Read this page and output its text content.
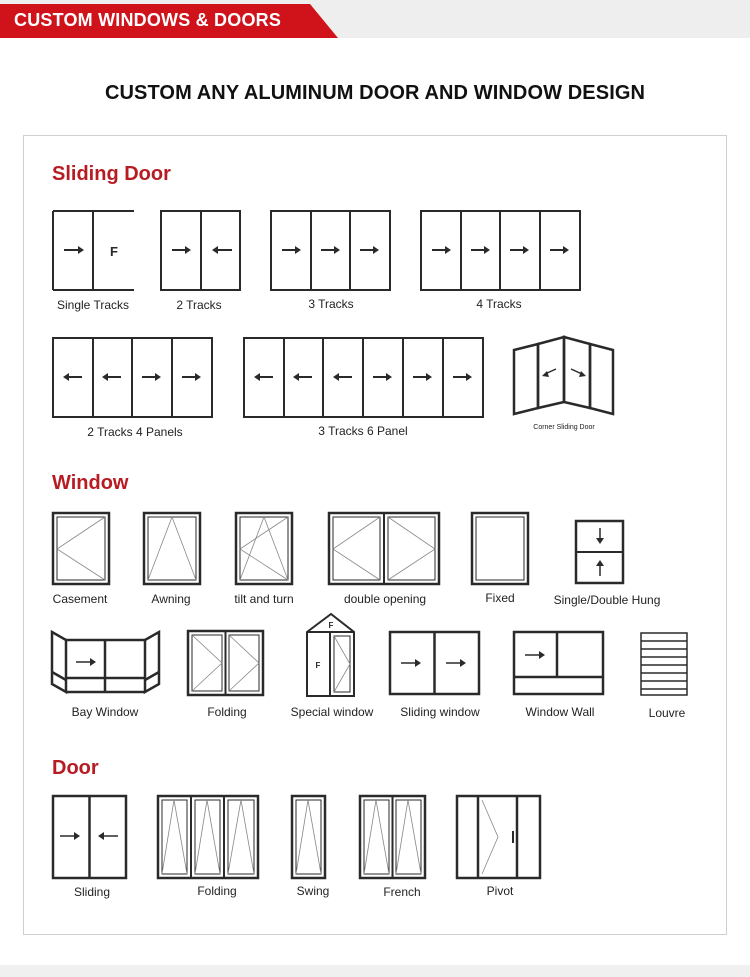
CUSTOM WINDOWS & DOORS
CUSTOM ANY ALUMINUM DOOR AND WINDOW DESIGN
Sliding Door
F
Single Tracks	2 Tracks	3 Tracks	4 Tracks
2 Tracks 4 Panels	3 Tracks 6 Panel	Corner Sliding Door
Window
Casement	Awning	tilt and turn	double opening	Fixed	Single/Double Hung
Bay Window	Folding
F
F
Special window Sliding window	Window Wall	Louvre
Door
Sliding	Folding	Swing	French	Pivot
